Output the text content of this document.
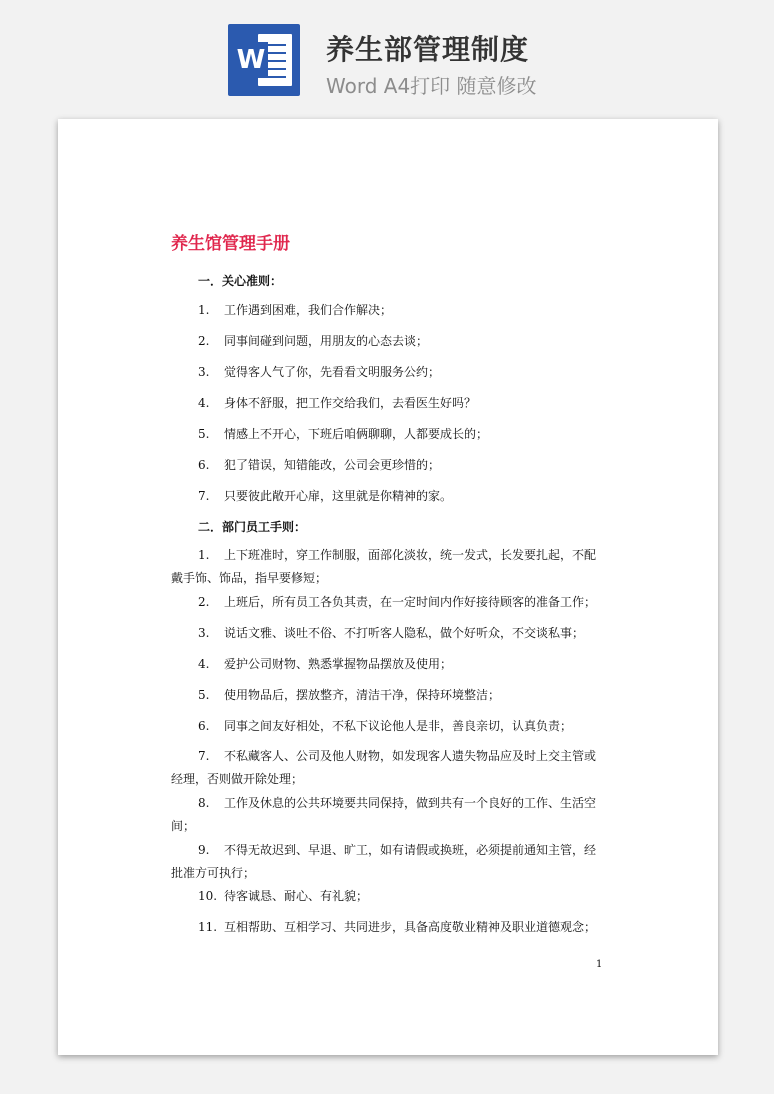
W 养生部管理制度
Word A4打印 随意修改
​
养生馆管理手册
一．关心准则：
1. 工作遇到困难，我们合作解决；
2. 同事间碰到问题，用朋友的心态去谈；
3. 觉得客人气了你，先看看文明服务公约；
4. 身体不舒服，把工作交给我们，去看医生好吗？
5. 情感上不开心，下班后咱俩聊聊，人都要成长的；
6. 犯了错误，知错能改，公司会更珍惜的；
7. 只要彼此敞开心扉，这里就是你精神的家。
二．部门员工手则：
1. 上下班准时，穿工作制服，面部化淡妆，统一发式，长发要扎起，不配
戴手饰、饰品，指早要修短；
2. 上班后，所有员工各负其责，在一定时间内作好接待顾客的准备工作；
3. 说话文雅、谈吐不俗、不打听客人隐私，做个好听众，不交谈私事；
4. 爱护公司财物、熟悉掌握物品摆放及使用；
5. 使用物品后，摆放整齐，清洁干净，保持环境整洁；
6. 同事之间友好相处，不私下议论他人是非，善良亲切，认真负责；
7. 不私藏客人、公司及他人财物，如发现客人遗失物品应及时上交主管或
经理，否则做开除处理；
8. 工作及休息的公共环境要共同保持，做到共有一个良好的工作、生活空
间；
9. 不得无故迟到、早退、旷工，如有请假或换班，必须提前通知主管，经
批准方可执行；
10. 待客诚恳、耐心、有礼貌；
11. 互相帮助、互相学习、共同进步，具备高度敬业精神及职业道德观念；
1
